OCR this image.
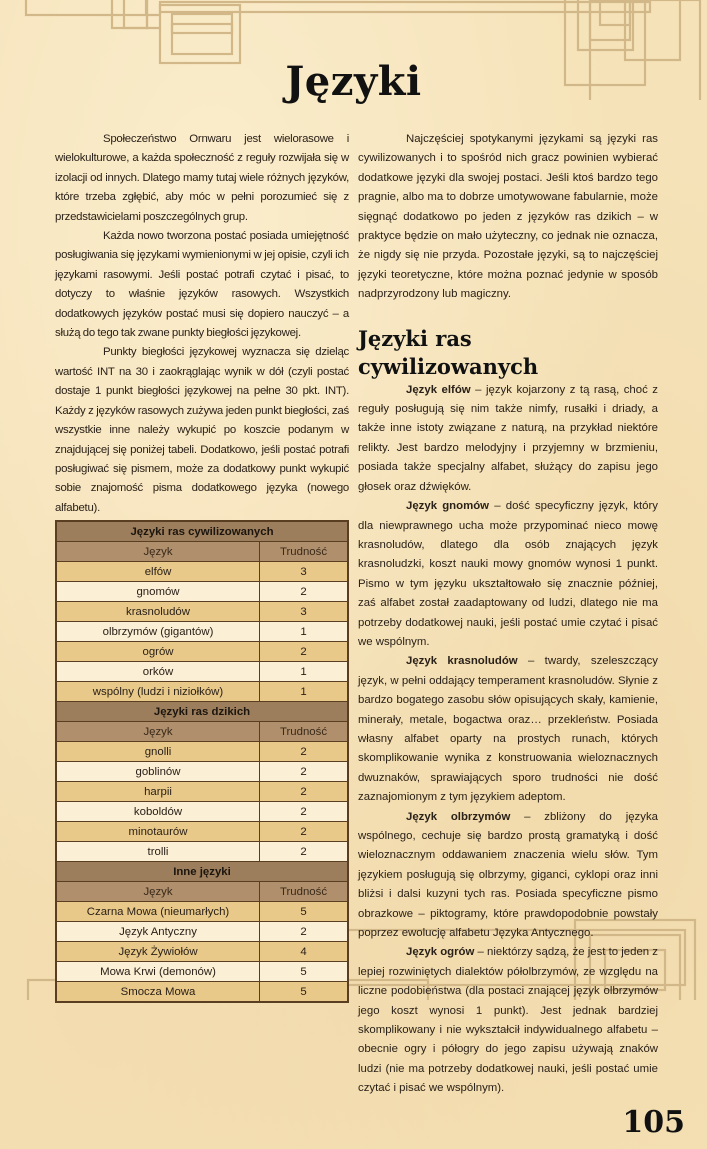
Języki

Społeczeństwo Ornwaru jest wielorasowe i wielokulturowe, a każda społeczność z reguły rozwijała się w izolacji od innych. Dlatego mamy tutaj wiele różnych języków, które trzeba zgłębić, aby móc w pełni porozumieć się z przedstawicielami poszczególnych grup.

Każda nowo tworzona postać posiada umiejętność posługiwania się językami wymienionymi w jej opisie, czyli ich językami rasowymi. Jeśli postać potrafi czytać i pisać, to dotyczy to właśnie języków rasowych. Wszystkich dodatkowych języków postać musi się dopiero nauczyć – a służą do tego tak zwane punkty biegłości językowej.

Punkty biegłości językowej wyznacza się dzieląc wartość INT na 30 i zaokrąglając wynik w dół (czyli postać dostaje 1 punkt biegłości językowej na pełne 30 pkt. INT). Każdy z języków rasowych zużywa jeden punkt biegłości, zaś wszystkie inne należy wykupić po koszcie podanym w znajdującej się poniżej tabeli. Dodatkowo, jeśli postać potrafi posługiwać się pismem, może za dodatkowy punkt wykupić sobie znajomość pisma dodatkowego języka (nowego alfabetu).

Języki ras cywilizowanych	
Język	Trudność
elfów	3
gnomów	2
krasnoludów	3
olbrzymów (gigantów)	1
ogrów	2
orków	1
wspólny (ludzi i niziołków)	1
Języki ras dzikich	
Język	Trudność
gnolli	2
goblinów	2
harpii	2
koboldów	2
minotaurów	2
trolli	2
Inne języki	
Język	Trudność
Czarna Mowa (nieumarłych)	5
Język Antyczny	2
Język Żywiołów	4
Mowa Krwi (demonów)	5
Smocza Mowa	5

Najczęściej spotykanymi językami są języki ras cywilizowanych i to spośród nich gracz powinien wybierać dodatkowe języki dla swojej postaci. Jeśli ktoś bardzo tego pragnie, albo ma to dobrze umotywowane fabularnie, może sięgnąć dodatkowo po jeden z języków ras dzikich – w praktyce będzie on mało użyteczny, co jednak nie oznacza, że nigdy się nie przyda. Pozostałe języki, są to najczęściej języki teoretyczne, które można poznać jedynie w sposób nadprzyrodzony lub magiczny.

Języki ras cywilizowanych

Język elfów – język kojarzony z tą rasą, choć z reguły posługują się nim także nimfy, rusałki i driady, a także inne istoty związane z naturą, na przykład niektóre relikty. Jest bardzo melodyjny i przyjemny w brzmieniu, posiada także specjalny alfabet, służący do zapisu jego głosek oraz dźwięków.

Język gnomów – dość specyficzny język, który dla niewprawnego ucha może przypominać nieco mowę krasnoludów, dlatego dla osób znających język krasnoludzki, koszt nauki mowy gnomów wynosi 1 punkt. Pismo w tym języku ukształtowało się znacznie później, zaś alfabet został zaadaptowany od ludzi, dlatego nie ma potrzeby dodatkowej nauki, jeśli postać umie czytać i pisać we wspólnym.

Język krasnoludów – twardy, szeleszczący język, w pełni oddający temperament krasnoludów. Słynie z bardzo bogatego zasobu słów opisujących skały, kamienie, minerały, metale, bogactwa oraz… przekleństw. Posiada własny alfabet oparty na prostych runach, których skomplikowanie wynika z konstruowania wieloznacznych dwuznaków, sprawiających sporo trudności nie dość zaznajomionym z tym językiem adeptom.

Język olbrzymów – zbliżony do języka wspólnego, cechuje się bardzo prostą gramatyką i dość wieloznacznym oddawaniem znaczenia wielu słów. Tym językiem posługują się olbrzymy, giganci, cyklopi oraz inni bliżsi i dalsi kuzyni tych ras. Posiada specyficzne pismo obrazkowe – piktogramy, które prawdopodobnie powstały poprzez ewolucję alfabetu Języka Antycznego.

Język ogrów – niektórzy sądzą, że jest to jeden z lepiej rozwiniętych dialektów półolbrzymów, ze względu na liczne podobieństwa (dla postaci znającej język olbrzymów jego koszt wynosi 1 punkt). Jest jednak bardziej skomplikowany i nie wykształcił indywidualnego alfabetu – obecnie ogry i półogry do jego zapisu używają znaków ludzi (nie ma potrzeby dodatkowej nauki, jeśli postać umie czytać i pisać we wspólnym).

105
